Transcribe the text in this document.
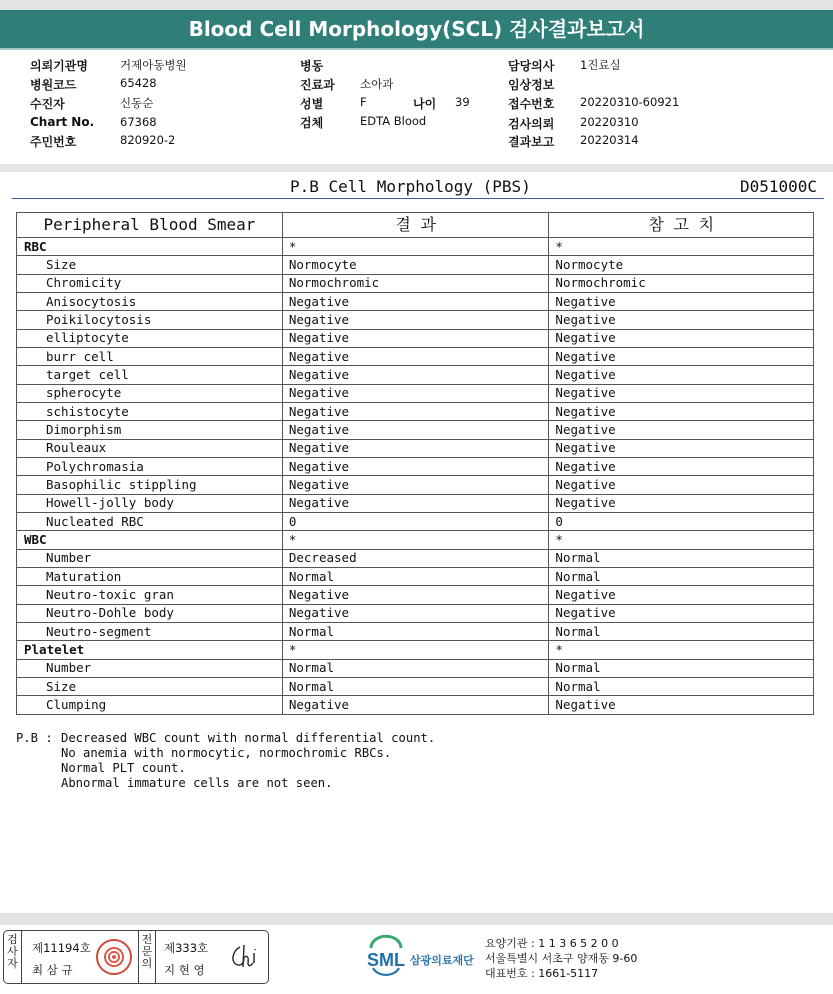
Blood Cell Morphology(SCL) 검사결과보고서
의뢰기관명	거제아동병원
병원코드	65428
수진자	신동순
Chart No. 67368
주민번호	820920-2
병동
진료과 소아과
성별	F	나이 39
검체	EDTA Blood
담당의사 1진료실
임상정보
접수번호 20220310-60921
검사의뢰 20220310
결과보고 20220314
P.B Cell Morphology (PBS)	D051000C
Peripheral Blood Smear	결 과	참 고 치
RBC	*	*
Size	Normocyte	Normocyte
Chromicity	Normochromic	Normochromic
Anisocytosis	Negative	Negative
Poikilocytosis	Negative	Negative
elliptocyte	Negative	Negative
burr cell	Negative	Negative
target cell	Negative	Negative
spherocyte	Negative	Negative
schistocyte	Negative	Negative
Dimorphism	Negative	Negative
Rouleaux	Negative	Negative
Polychromasia	Negative	Negative
Basophilic stippling	Negative	Negative
Howell-jolly body	Negative	Negative
Nucleated RBC	0	0
WBC	*	*
Number	Decreased	Normal
Maturation	Normal	Normal
Neutro-toxic gran	Negative	Negative
Neutro-Dohle body	Negative	Negative
Neutro-segment	Normal	Normal
Platelet	*	*
Number	Normal	Normal
Size	Normal	Normal
Clumping	Negative	Negative
P.B : Decreased WBC count with normal differential count.
No anemia with normocytic, normochromic RBCs.
Normal PLT count.
Abnormal immature cells are not seen.
검
사
자
제11194호
최 삼 규
전
문
의
제333호
지 현 영	SML 삼광의료재단
요양기관 : 1 1 3 6 5 2 0 0
서울특별시 서초구 양재동 9-60
대표번호 : 1661-5117
